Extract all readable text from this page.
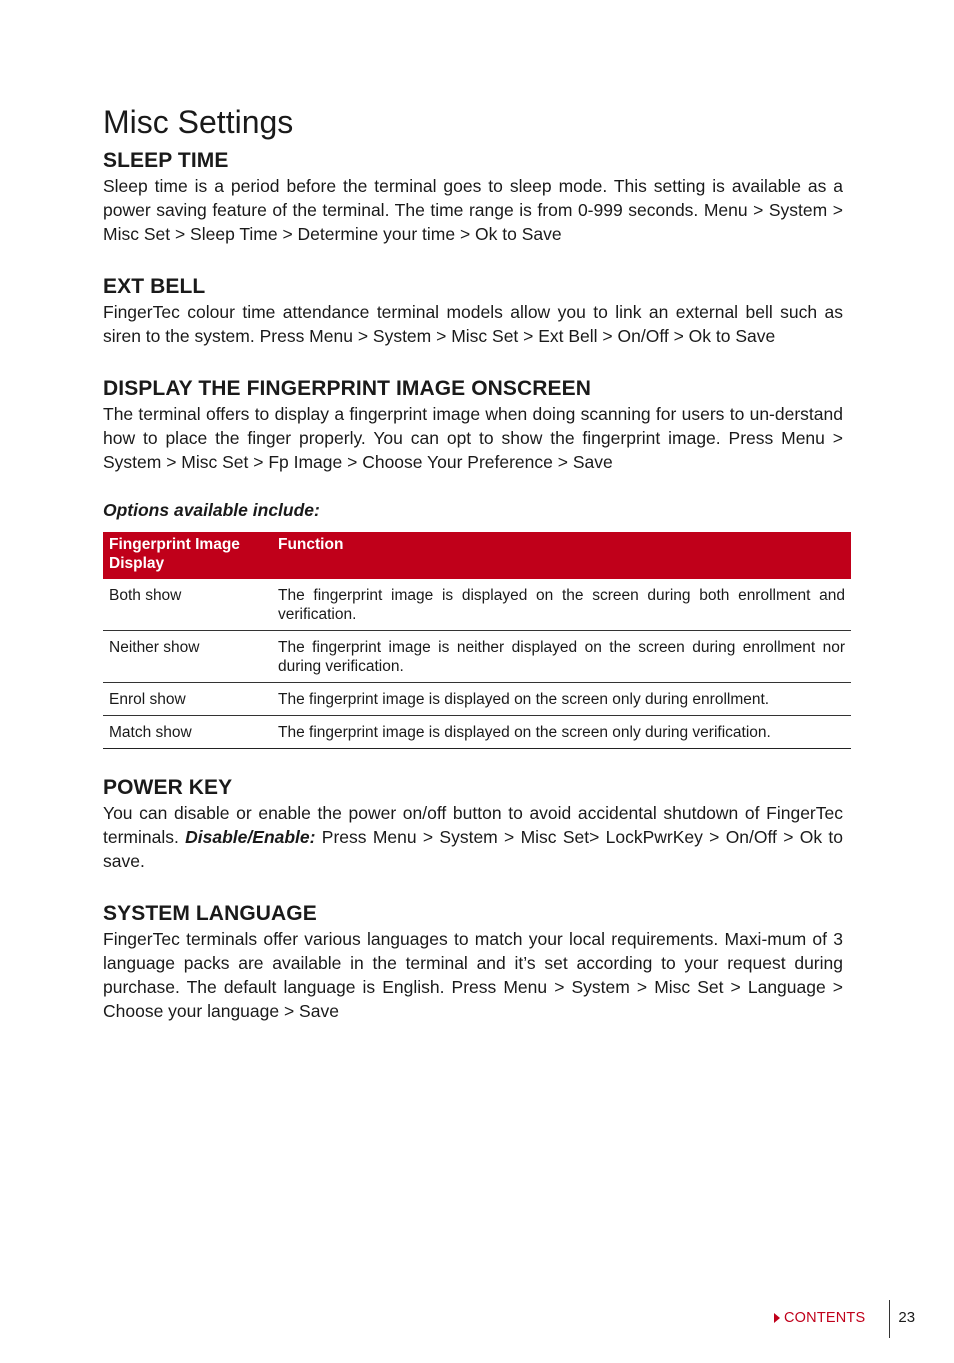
Misc Settings
SLEEP TIME

Sleep time is a period before the terminal goes to sleep mode. This setting is available as a power saving feature of the terminal. The time range is from 0-999 seconds. Menu > System > Misc Set > Sleep Time > Determine your time > Ok to Save

EXT BELL

FingerTec colour time attendance terminal models allow you to link an external bell such as siren to the system. Press Menu > System > Misc Set > Ext Bell > On/Off > Ok to Save

DISPLAY THE FINGERPRINT IMAGE ONSCREEN

The terminal offers to display a fingerprint image when doing scanning for users to un-derstand how to place the finger properly. You can opt to show the fingerprint image. Press Menu > System > Misc Set > Fp Image > Choose Your Preference > Save

Options available include:

Fingerprint Image Display	Function
Both show	The fingerprint image is displayed on the screen during both enrollment and verification.
Neither show	The fingerprint image is neither displayed on the screen during enrollment nor during verification.
Enrol show	The fingerprint image is displayed on the screen only during enrollment.
Match show	The fingerprint image is displayed on the screen only during verification.
POWER KEY

You can disable or enable the power on/off button to avoid accidental shutdown of FingerTec terminals. Disable/Enable: Press Menu > System > Misc Set> LockPwrKey > On/Off > Ok to save.

SYSTEM LANGUAGE

FingerTec terminals offer various languages to match your local requirements. Maxi-mum of 3 language packs are available in the terminal and it’s set according to your request during purchase. The default language is English. Press Menu > System > Misc Set > Language > Choose your language > Save

CONTENTS 23
